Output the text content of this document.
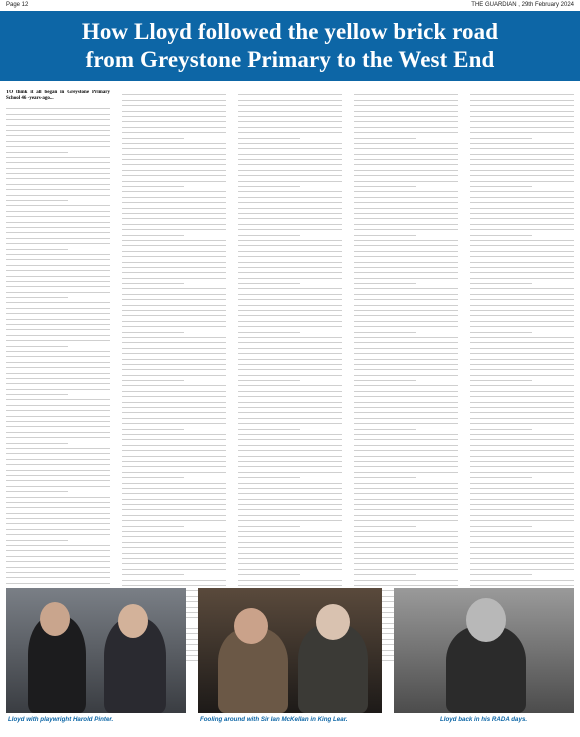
Page 12	THE GUARDIAN , 29th February 2024
How Lloyd followed the yellow brick road
from Greystone Primary to the West End
TO think it all began in Greystone Primary School 46 -years-ago...
Lloyd with playwright Harold Pinter.	Fooling around with Sir Ian McKellan in King Lear.	Lloyd back in his RADA days.
